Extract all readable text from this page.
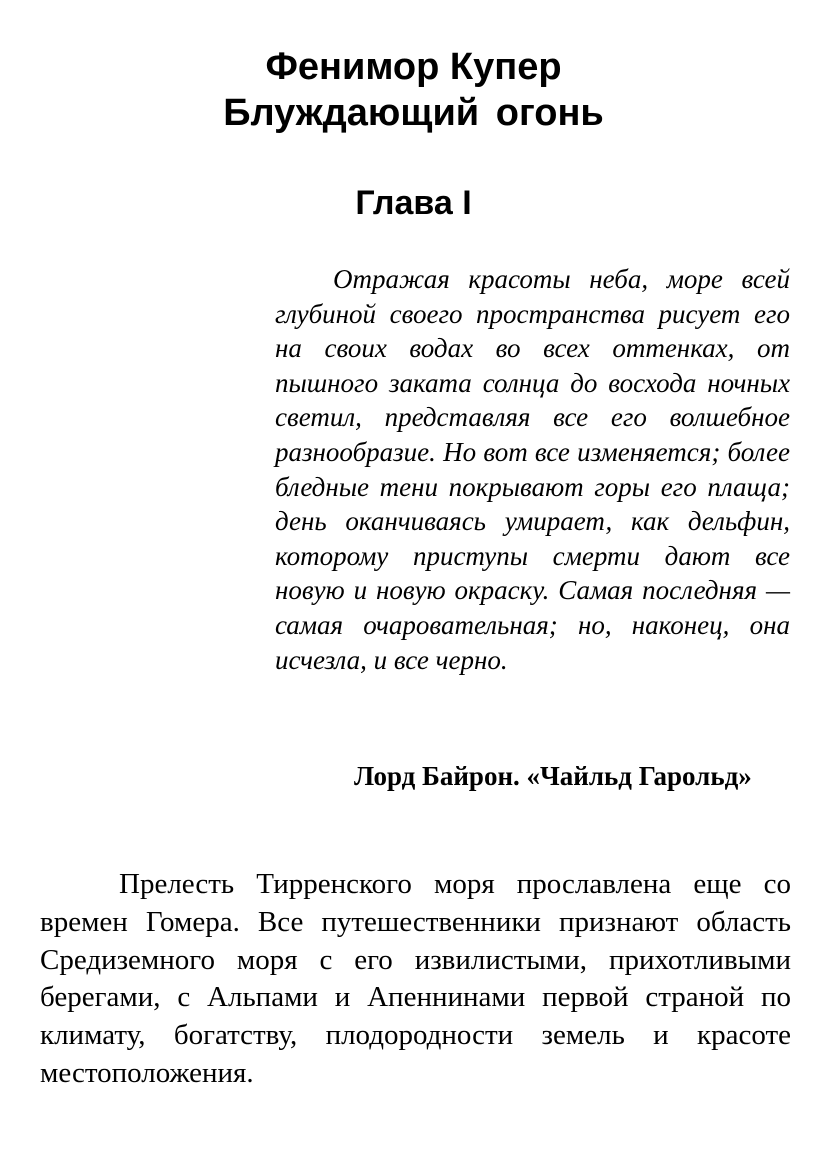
Фенимор Купер
Блуждающий огонь
Глава I

Отражая красоты неба, море всей глубиной своего пространства рисует его на своих водах во всех оттенках, от пышного заката солнца до восхода ночных светил, представляя все его волшебное разнообразие. Но вот все изменяется; более бледные тени покрывают горы его плаща; день оканчиваясь умирает, как дельфин, которому приступы смерти дают все новую и новую окраску. Самая последняя — самая очаровательная; но, наконец, она исчезла, и все черно.

Лорд Байрон. «Чайльд Гарольд»

Прелесть Тирренского моря прославлена еще со времен Гомера. Все путешественники признают область Средиземного моря с его извилистыми, прихотливыми берегами, с Альпами и Апеннинами первой страной по климату, богатству, плодородности земель и красоте местоположения.
